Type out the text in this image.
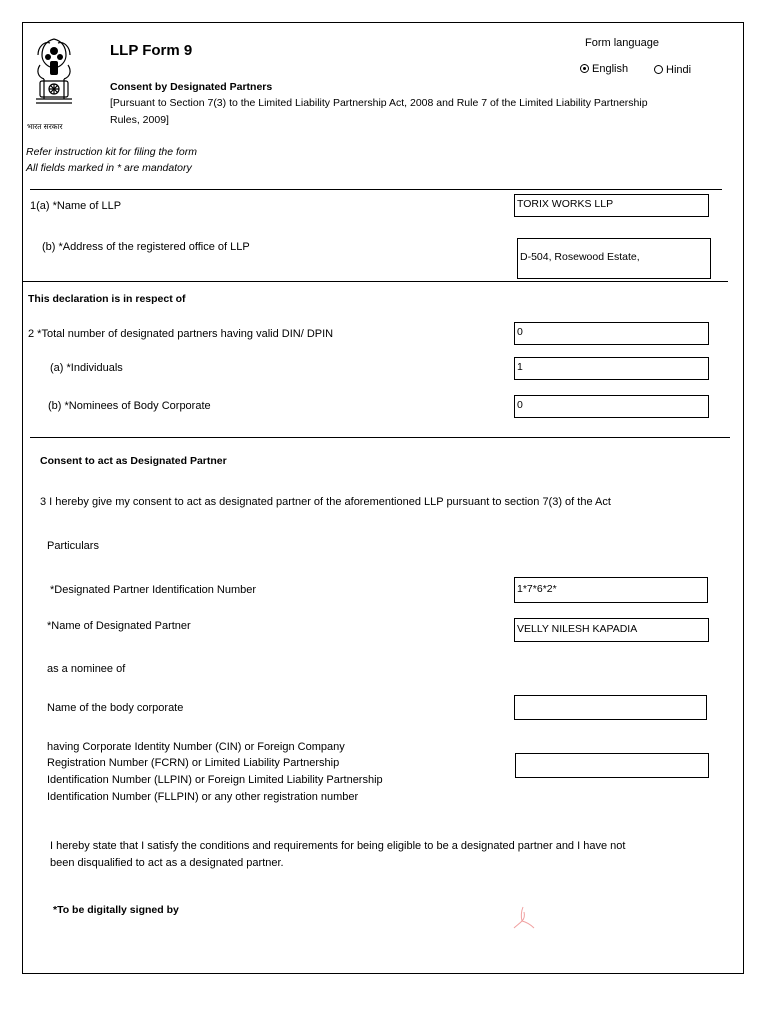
भारत सरकार
LLP Form 9
Consent by Designated Partners
[Pursuant to Section 7(3) to the Limited Liability Partnership Act, 2008 and Rule 7 of the Limited Liability Partnership
Rules, 2009]
Form language
English	Hindi
Refer instruction kit for filing the form
All fields marked in * are mandatory
1(a) *Name of LLP	TORIX WORKS LLP
(b) *Address of the registered office of LLP
D-504, Rosewood Estate,
This declaration is in respect of
2 *Total number of designated partners having valid DIN/ DPIN	0
(a) *Individuals	1
(b) *Nominees of Body Corporate	0
Consent to act as Designated Partner
3 I hereby give my consent to act as designated partner of the aforementioned LLP pursuant to section 7(3) of the Act
Particulars
*Designated Partner Identification Number	1*7*6*2*
*Name of Designated Partner	VELLY NILESH KAPADIA
as a nominee of
Name of the body corporate
having Corporate Identity Number (CIN) or Foreign Company
Registration Number (FCRN) or Limited Liability Partnership
Identification Number (LLPIN) or Foreign Limited Liability Partnership
Identification Number (FLLPIN) or any other registration number
I hereby state that I satisfy the conditions and requirements for being eligible to be a designated partner and I have not
been disqualified to act as a designated partner.
*To be digitally signed by
